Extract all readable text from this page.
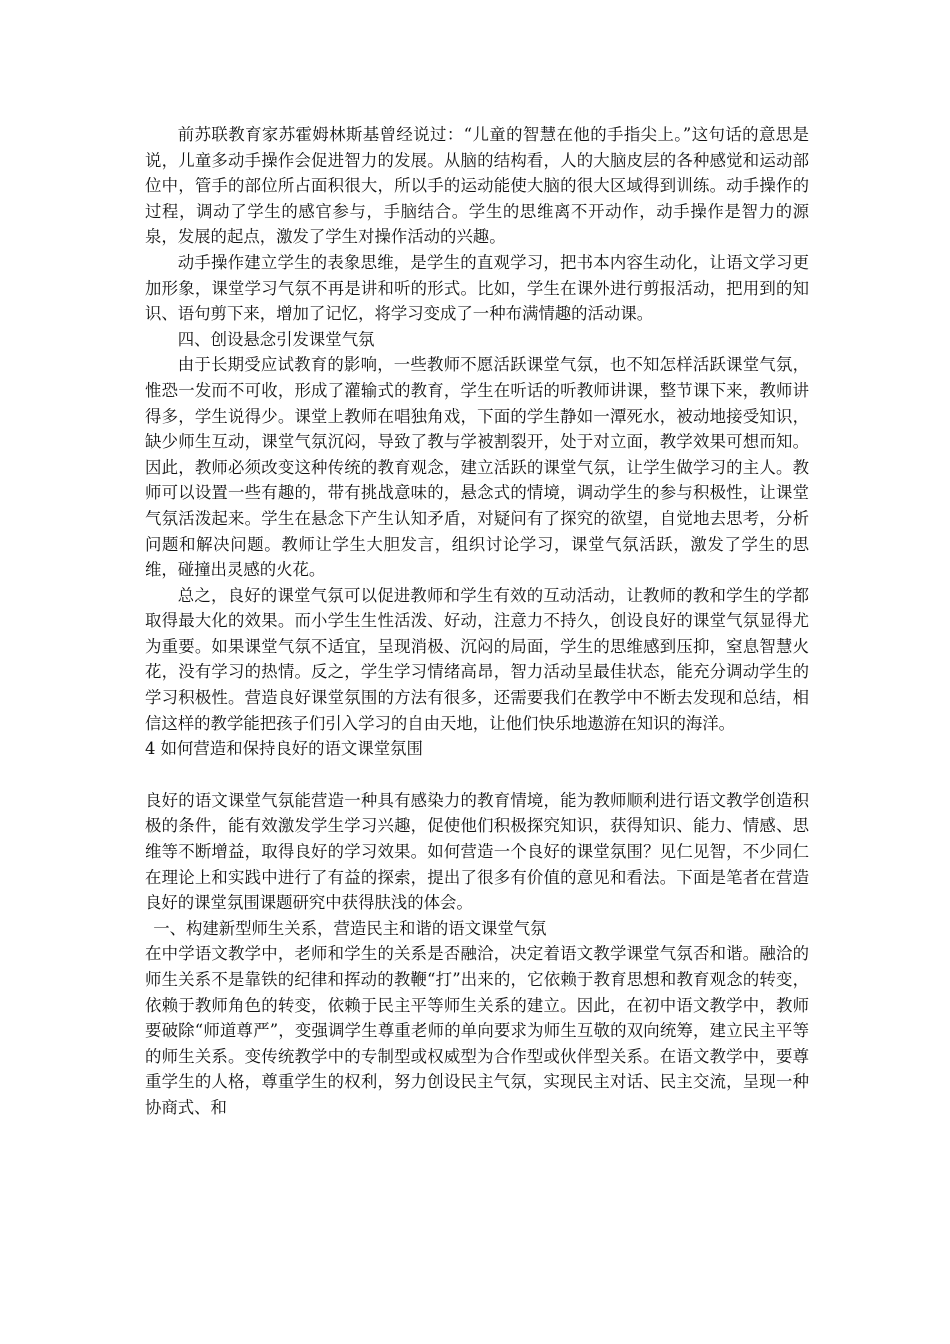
前苏联教育家苏霍姆林斯基曾经说过：“儿童的智慧在他的手指尖上。”这句话的意思是说，儿童多动手操作会促进智力的发展。从脑的结构看，人的大脑皮层的各种感觉和运动部位中，管手的部位所占面积很大，所以手的运动能使大脑的很大区域得到训练。动手操作的过程，调动了学生的感官参与，手脑结合。学生的思维离不开动作，动手操作是智力的源泉，发展的起点，激发了学生对操作活动的兴趣。

动手操作建立学生的表象思维，是学生的直观学习，把书本内容生动化，让语文学习更加形象，课堂学习气氛不再是讲和听的形式。比如，学生在课外进行剪报活动，把用到的知识、语句剪下来，增加了记忆，将学习变成了一种布满情趣的活动课。

四、创设悬念引发课堂气氛

由于长期受应试教育的影响，一些教师不愿活跃课堂气氛，也不知怎样活跃课堂气氛，惟恐一发而不可收，形成了灌输式的教育，学生在听话的听教师讲课，整节课下来，教师讲得多，学生说得少。课堂上教师在唱独角戏，下面的学生静如一潭死水，被动地接受知识，缺少师生互动，课堂气氛沉闷，导致了教与学被割裂开，处于对立面，教学效果可想而知。因此，教师必须改变这种传统的教育观念，建立活跃的课堂气氛，让学生做学习的主人。教师可以设置一些有趣的，带有挑战意味的，悬念式的情境，调动学生的参与积极性，让课堂气氛活泼起来。学生在悬念下产生认知矛盾，对疑问有了探究的欲望，自觉地去思考，分析问题和解决问题。教师让学生大胆发言，组织讨论学习，课堂气氛活跃，激发了学生的思维，碰撞出灵感的火花。

总之，良好的课堂气氛可以促进教师和学生有效的互动活动，让教师的教和学生的学都取得最大化的效果。而小学生生性活泼、好动，注意力不持久，创设良好的课堂气氛显得尤为重要。如果课堂气氛不适宜，呈现消极、沉闷的局面，学生的思维感到压抑，窒息智慧火花，没有学习的热情。反之，学生学习情绪高昂，智力活动呈最佳状态，能充分调动学生的学习积极性。营造良好课堂氛围的方法有很多，还需要我们在教学中不断去发现和总结，相信这样的教学能把孩子们引入学习的自由天地，让他们快乐地遨游在知识的海洋。

4 如何营造和保持良好的语文课堂氛围

良好的语文课堂气氛能营造一种具有感染力的教育情境，能为教师顺利进行语文教学创造积极的条件，能有效激发学生学习兴趣，促使他们积极探究知识，获得知识、能力、情感、思维等不断增益，取得良好的学习效果。如何营造一个良好的课堂氛围？见仁见智，不少同仁在理论上和实践中进行了有益的探索，提出了很多有价值的意见和看法。下面是笔者在营造良好的课堂氛围课题研究中获得肤浅的体会。

一、构建新型师生关系，营造民主和谐的语文课堂气氛

在中学语文教学中，老师和学生的关系是否融洽，决定着语文教学课堂气氛否和谐。融洽的师生关系不是靠铁的纪律和挥动的教鞭“打”出来的，它依赖于教育思想和教育观念的转变，依赖于教师角色的转变，依赖于民主平等师生关系的建立。因此，在初中语文教学中，教师要破除“师道尊严”，变强调学生尊重老师的单向要求为师生互敬的双向统筹，建立民主平等的师生关系。变传统教学中的专制型或权威型为合作型或伙伴型关系。在语文教学中，要尊重学生的人格，尊重学生的权利，努力创设民主气氛，实现民主对话、民主交流，呈现一种协商式、和
